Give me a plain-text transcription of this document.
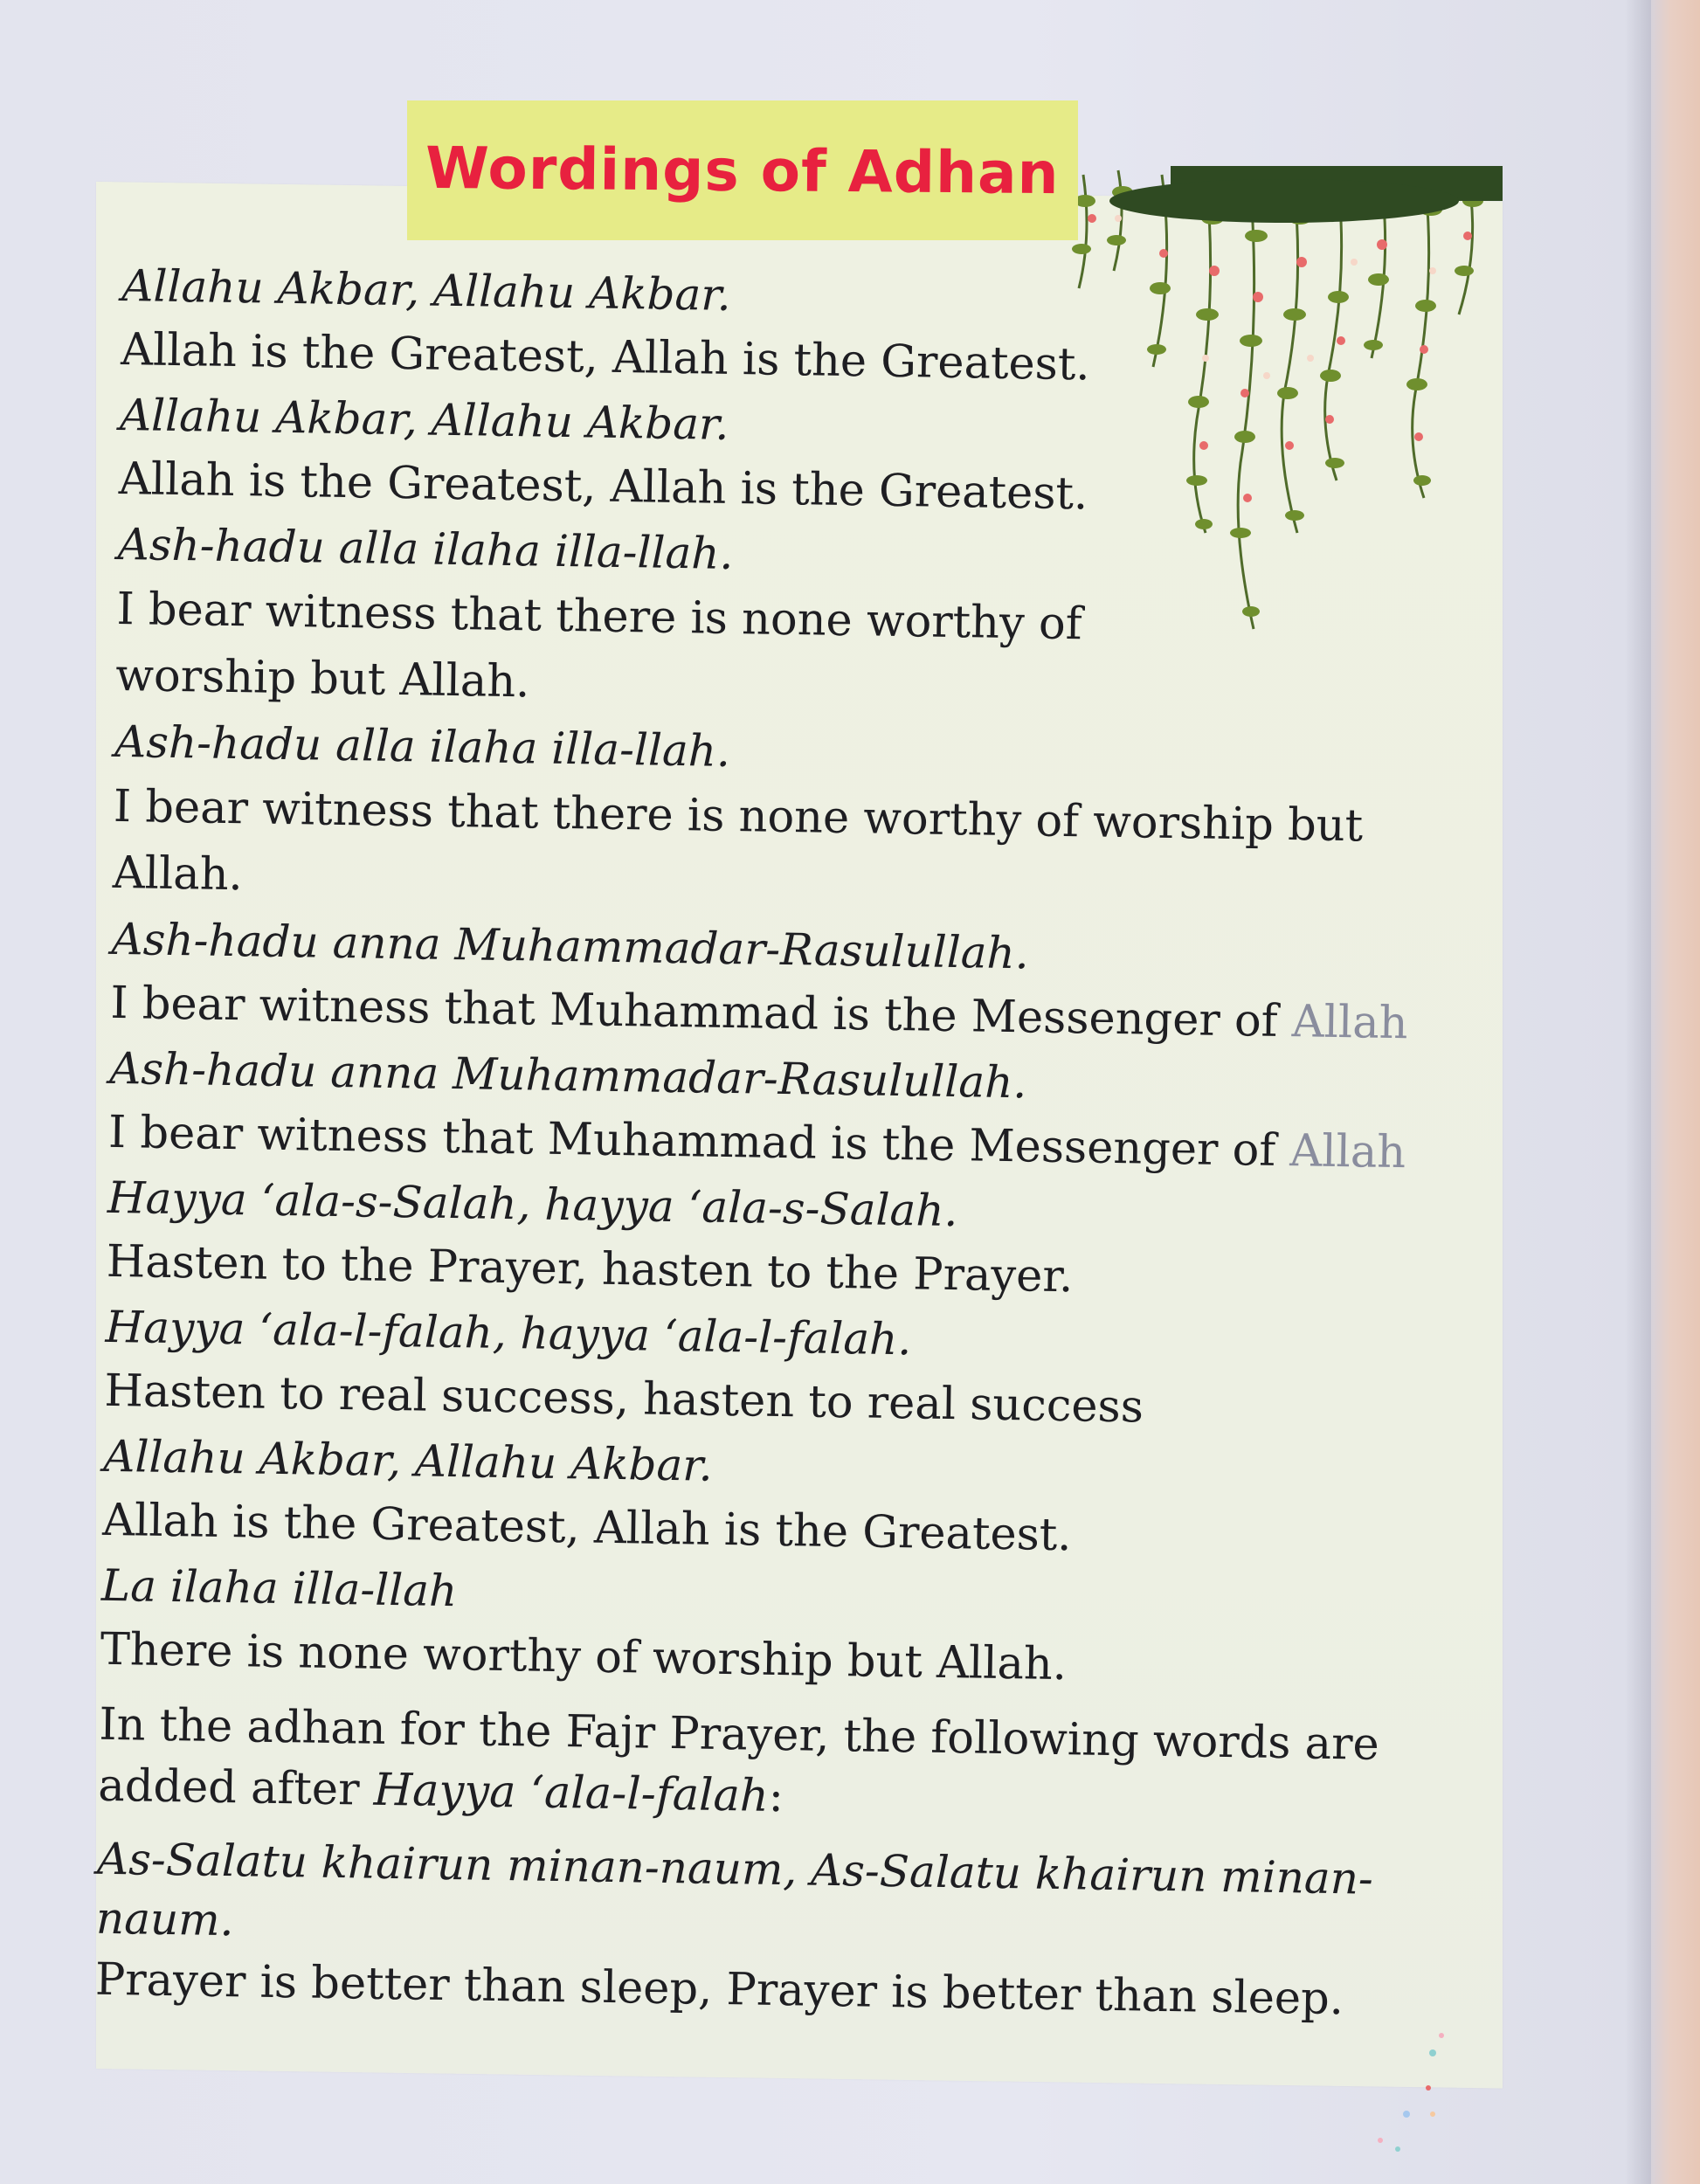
Wordings of Adhan
Allahu Akbar, Allahu Akbar.
Allah is the Greatest, Allah is the Greatest.
Allahu Akbar, Allahu Akbar.
Allah is the Greatest, Allah is the Greatest.
Ash-hadu alla ilaha illa-llah.
I bear witness that there is none worthy of worship but Allah.
Ash-hadu alla ilaha illa-llah.
I bear witness that there is none worthy of worship but Allah.
Ash-hadu anna Muhammadar-Rasulullah.
I bear witness that Muhammad is the Messenger of Allah
Ash-hadu anna Muhammadar-Rasulullah.
I bear witness that Muhammad is the Messenger of Allah
Hayya ‘ala-s-Salah, hayya ‘ala-s-Salah.
Hasten to the Prayer, hasten to the Prayer.
Hayya ‘ala-l-falah, hayya ‘ala-l-falah.
Hasten to real success, hasten to real success
Allahu Akbar, Allahu Akbar.
Allah is the Greatest, Allah is the Greatest.
La ilaha illa-llah
There is none worthy of worship but Allah.
In the adhan for the Fajr Prayer, the following words are added after Hayya ‘ala-l-falah:
As-Salatu khairun minan-naum, As-Salatu khairun minan-naum.
Prayer is better than sleep, Prayer is better than sleep.
